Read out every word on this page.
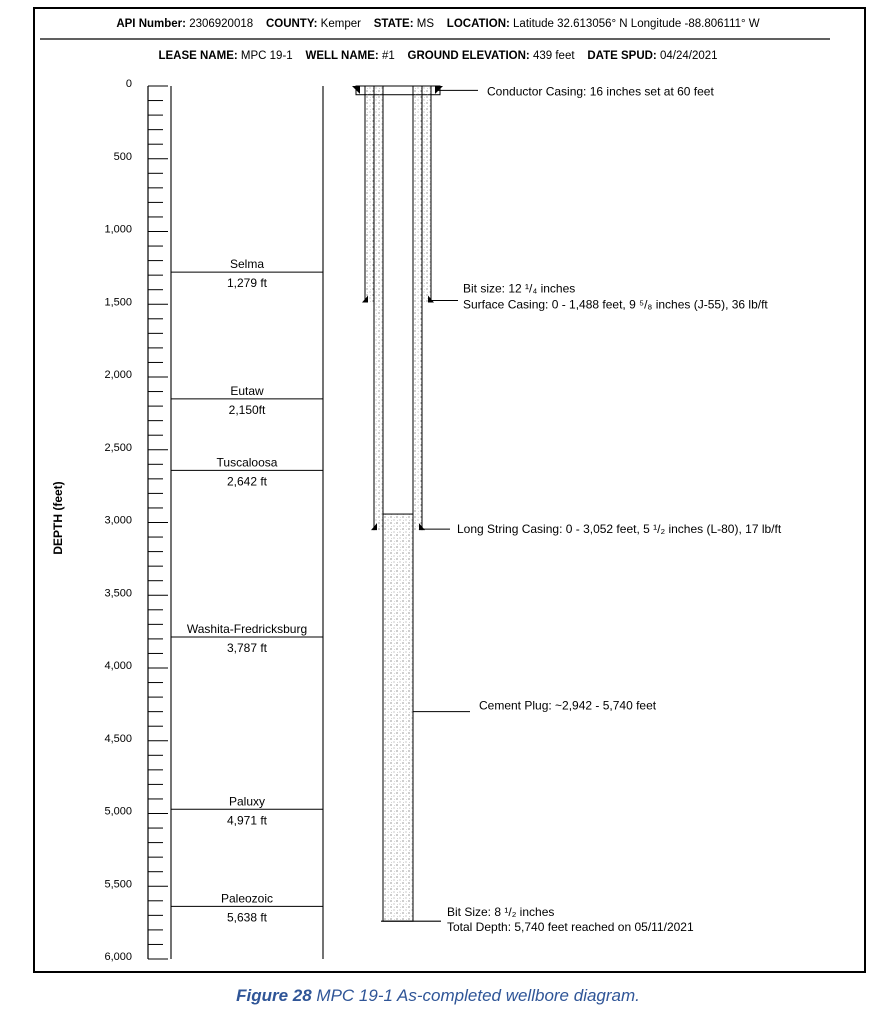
API Number: 2306920018 COUNTY: Kemper STATE: MS LOCATION: Latitude 32.613056° N Longitude -88.806111° W
LEASE NAME: MPC 19-1 WELL NAME: #1 GROUND ELEVATION: 439 feet DATE SPUD: 04/24/2021
0
500
1,000
1,500
2,000
2,500
3,000
3,500
4,000
4,500
5,000
5,500
6,000
Selma
1,279 ft
Eutaw
2,150ft
Tuscaloosa
2,642 ft
Washita-Fredricksburg
3,787 ft
Paluxy
4,971 ft
Paleozoic
5,638 ft
Conductor Casing: 16 inches set at 60 feet
Bit size: 12 ¹/₄ inches
Surface Casing: 0 - 1,488 feet, 9 ⁵/₈ inches (J-55), 36 lb/ft
Long String Casing: 0 - 3,052 feet, 5 ¹/₂ inches (L-80), 17 lb/ft
Cement Plug: ~2,942 - 5,740 feet
Bit Size: 8 ¹/₂ inches
Total Depth: 5,740 feet reached on 05/11/2021
DEPTH (feet)
Figure 28 MPC 19-1 As-completed wellbore diagram.
